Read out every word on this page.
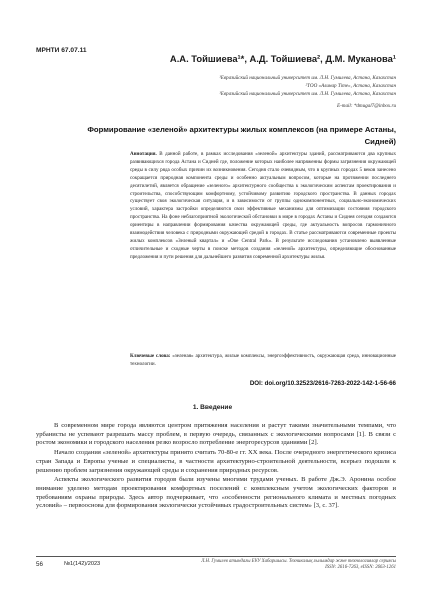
МРНТИ 67.07.11
А.А. Тойшиева¹*, А.Д. Тойшиева², Д.М. Муканова¹
¹Евразийский национальный университет им. Л.Н. Гумилева, Астана, Казахстан
²ТОО «Алинар Тime», Астана, Казахстан
¹Евразийский национальный университет им. Л.Н. Гумилева, Астана, Казахстан
E-mail: *dmugal7@inbox.ru
Формирование «зеленой» архитектуры жилых комплексов (на примере Астаны, Сидней)
Аннотация. В данной работе, в рамках исследования «зеленой» архитектуры зданий, рассматриваются два крупных развивающихся города Астана и Сидней где, положение которых наиболее напряженны формы загрязнения окружающей среды в силу ряда особых причин их возникновения. Сегодня стало очевидным, что в крупных городах 5 веков занесено сокращается природная компонента среды и особенно актуальным вопросом, которые на протяжении последнего десятилетий, является обращение «зеленого» архитектурного сообщества к экологическим аспектам проектирования и строительства, способствующим комфортному, устойчивому развитию городского пространства. В данных городах существует своя экологическая ситуация, и в зависимости от группы однокомпонентных, социально-экономических условий, характера застройки определяются свои эффективные механизмы для оптимизации состояния городского пространства. На фоне неблагоприятной экологической обстановки в мире в городах Астаны и Сиднея сегодня создаются ориентиры в направлении формирования качества окружающей среды, где актуальность вопросов гармоничного взаимодействия человека с природными окружающей средой в городах. В статье рассматриваются современные проекты жилых комплексов «Зеленый квартал» и «One Central Park». В результате исследования установлено выявленные отличительные и сходные черты в поиске методов создания «зеленой» архитектуры, определяющие обоснованные предложения и пути решения для дальнейшего развития современной архитектуры жилья.
Ключевые слова: «зеленая» архитектура, жилые комплексы, энергоэффективность, окружающая среда, инновационные технологии.
DOI: doi.org/10.32523/2616-7263-2022-142-1-56-66
1. Введение

В современном мире города являются центром притяжения населения и растут такими значительными темпами, что урбанисты не успевают разрешать массу проблем, в первую очередь, связанных с экологическими вопросами [1]. В связи с ростом экономики и городского населения резко возросло потребление энергоресурсов зданиями [2].

Начало создания «зеленой» архитектуры принято считать 70-80-е гг. XX века. После очередного энергетического кризиса стран Запада и Европы ученые и специалисты, в частности архитектурно-строительной деятельности, всерьез подошли к решению проблем загрязнения окружающей среды и сохранения природных ресурсов.

Аспекты экологического развития городов были изучены многими трудами ученых. В работе Дж.Э. Аронина особое внимание уделено методам проектирования комфортных поселений с комплексным учетом экологических факторов и требованиям охраны природы. Здесь автор подчеркивает, что «особенности регионального климата и местных погодных условий» – первооснова для формирования экологически устойчивых градостроительных систем» [3, с. 37].

56	№1(142)/2023	Л.Н. Гумилев атындағы ЕҰУ Хабаршысы. Техникалық ғылымдар және технологиялар сериясы
ISSN: 2616-7263, eISSN: 2663-1261
